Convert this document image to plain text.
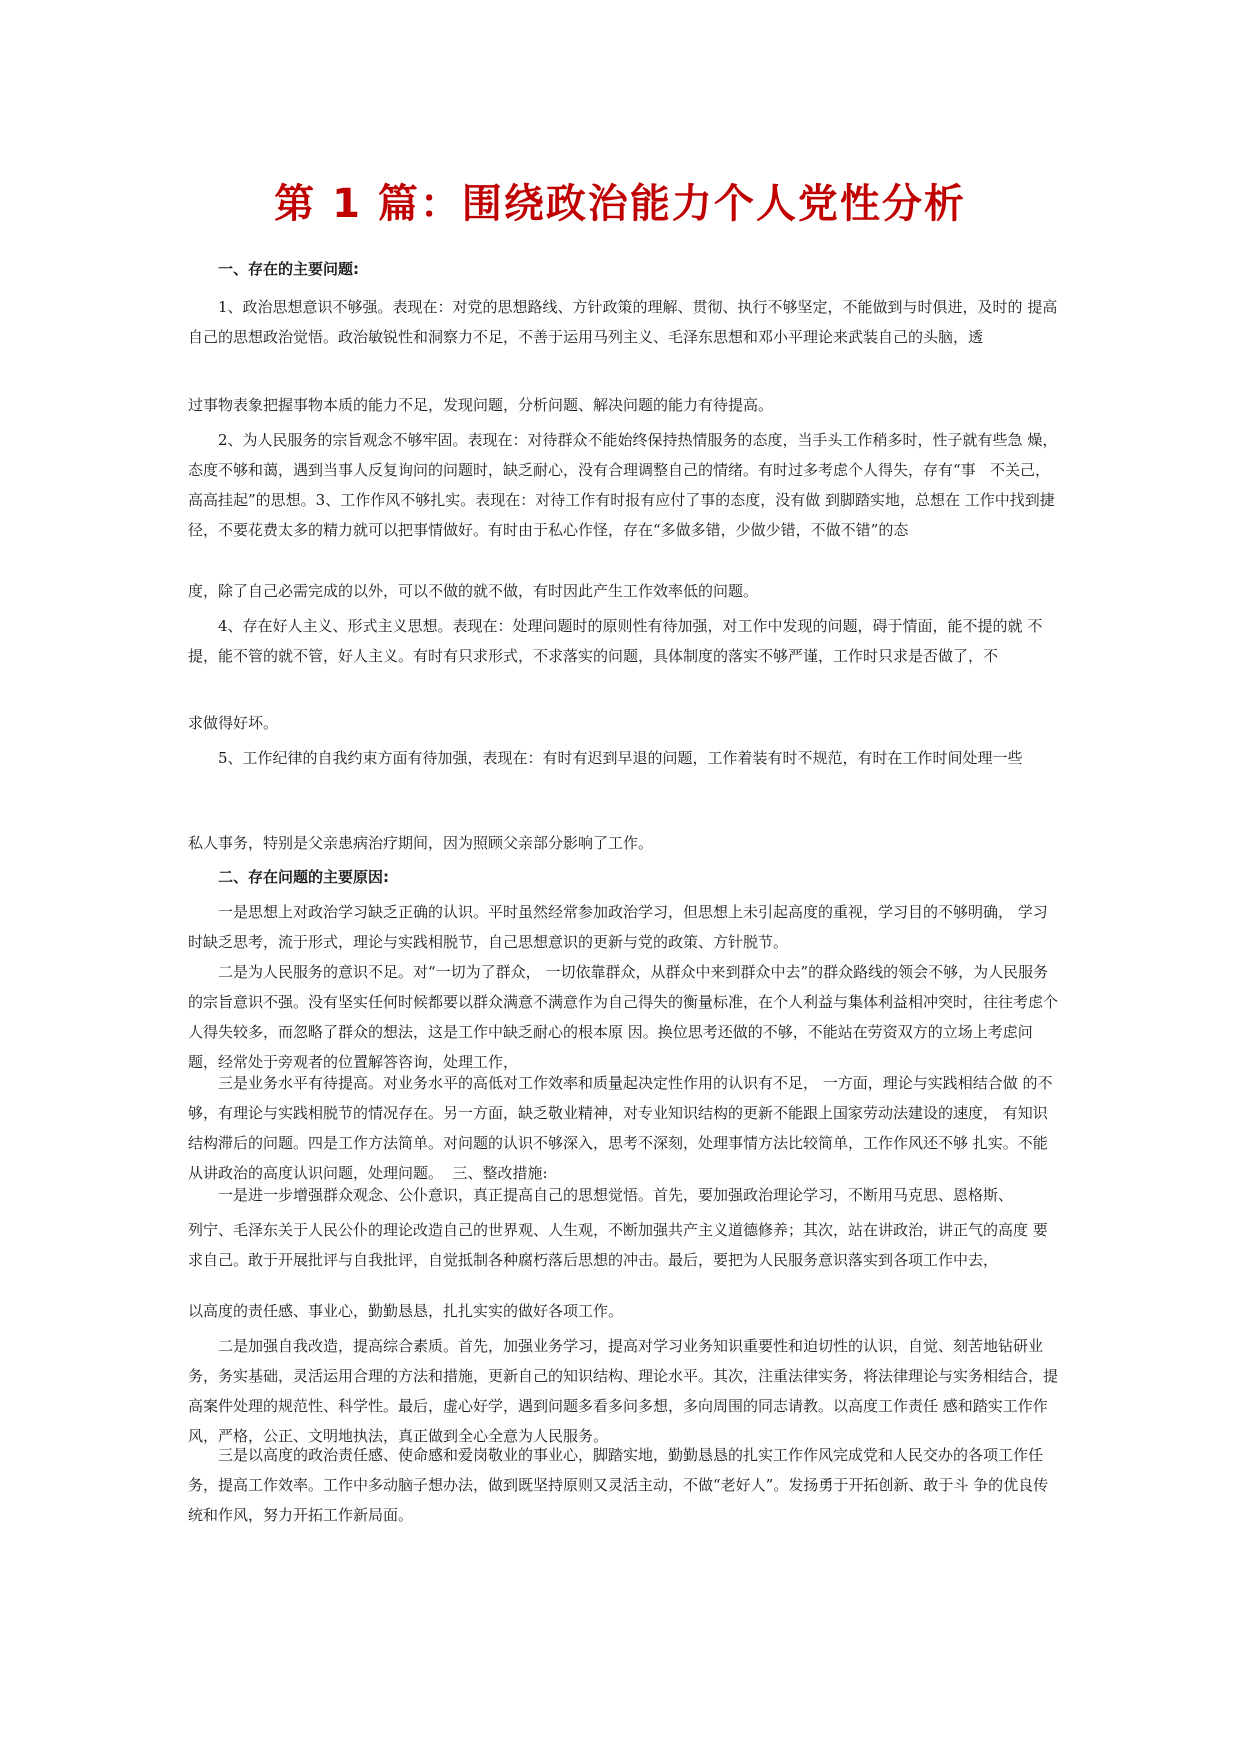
第 1 篇：围绕政治能力个人党性分析
一、存在的主要问题:
1、政治思想意识不够强。表现在：对党的思想路线、方针政策的理解、贯彻、执行不够坚定，不能做到与时俱进，及时的 提高自己的思想政治觉悟。政治敏锐性和洞察力不足，不善于运用马列主义、毛泽东思想和邓小平理论来武装自己的头脑，透
过事物表象把握事物本质的能力不足，发现问题，分析问题、解决问题的能力有待提高。
2、为人民服务的宗旨观念不够牢固。表现在：对待群众不能始终保持热情服务的态度，当手头工作稍多时，性子就有些急 燥，态度不够和蔼，遇到当事人反复询问的问题时，缺乏耐心，没有合理调整自己的情绪。有时过多考虑个人得失，存有“事   不关己，高高挂起”的思想。3、工作作风不够扎实。表现在：对待工作有时报有应付了事的态度，没有做 到脚踏实地，总想在 工作中找到捷径，不要花费太多的精力就可以把事情做好。有时由于私心作怪，存在“多做多错，少做少错，不做不错”的态
度，除了自己必需完成的以外，可以不做的就不做，有时因此产生工作效率低的问题。
4、存在好人主义、形式主义思想。表现在：处理问题时的原则性有待加强，对工作中发现的问题，碍于情面，能不提的就 不提，能不管的就不管，好人主义。有时有只求形式，不求落实的问题，具体制度的落实不够严谨，工作时只求是否做了，不
求做得好坏。
5、工作纪律的自我约束方面有待加强，表现在：有时有迟到早退的问题，工作着装有时不规范，有时在工作时间处理一些
私人事务，特别是父亲患病治疗期间，因为照顾父亲部分影响了工作。
二、存在问题的主要原因:
一是思想上对政治学习缺乏正确的认识。平时虽然经常参加政治学习，但思想上未引起高度的重视，学习目的不够明确， 学习时缺乏思考，流于形式，理论与实践相脱节，自己思想意识的更新与党的政策、方针脱节。
二是为人民服务的意识不足。对“一切为了群众， 一切依靠群众，从群众中来到群众中去”的群众路线的领会不够，为人民服务的宗旨意识不强。没有坚实任何时候都要以群众满意不满意作为自己得失的衡量标准，在个人利益与集体利益相冲突时，往往考虑个人得失较多，而忽略了群众的想法，这是工作中缺乏耐心的根本原 因。换位思考还做的不够，不能站在劳资双方的立场上考虑问题，经常处于旁观者的位置解答咨询，处理工作，
三是业务水平有待提高。对业务水平的高低对工作效率和质量起决定性作用的认识有不足， 一方面，理论与实践相结合做 的不够，有理论与实践相脱节的情况存在。另一方面，缺乏敬业精神，对专业知识结构的更新不能跟上国家劳动法建设的速度， 有知识结构滞后的问题。四是工作方法简单。对问题的认识不够深入，思考不深刻，处理事情方法比较简单，工作作风还不够 扎实。不能从讲政治的高度认识问题，处理问题。  三、整改措施:
一是进一步增强群众观念、公仆意识，真正提高自己的思想觉悟。首先，要加强政治理论学习，不断用马克思、恩格斯、
列宁、毛泽东关于人民公仆的理论改造自己的世界观、人生观，不断加强共产主义道德修养；其次，站在讲政治，讲正气的高度 要求自己。敢于开展批评与自我批评，自觉抵制各种腐朽落后思想的冲击。最后，要把为人民服务意识落实到各项工作中去，
以高度的责任感、事业心，勤勤恳恳，扎扎实实的做好各项工作。
二是加强自我改造，提高综合素质。首先，加强业务学习，提高对学习业务知识重要性和迫切性的认识，自觉、刻苦地钻研业务，务实基础，灵活运用合理的方法和措施，更新自己的知识结构、理论水平。其次，注重法律实务，将法律理论与实务相结合，提高案件处理的规范性、科学性。最后，虚心好学，遇到问题多看多问多想，多向周围的同志请教。以高度工作责任 感和踏实工作作风，严格，公正、文明地执法，真正做到全心全意为人民服务。
三是以高度的政治责任感、使命感和爱岗敬业的事业心，脚踏实地，勤勤恳恳的扎实工作作风完成党和人民交办的各项工作任务，提高工作效率。工作中多动脑子想办法，做到既坚持原则又灵活主动，不做“老好人”。发扬勇于开拓创新、敢于斗 争的优良传统和作风，努力开拓工作新局面。
